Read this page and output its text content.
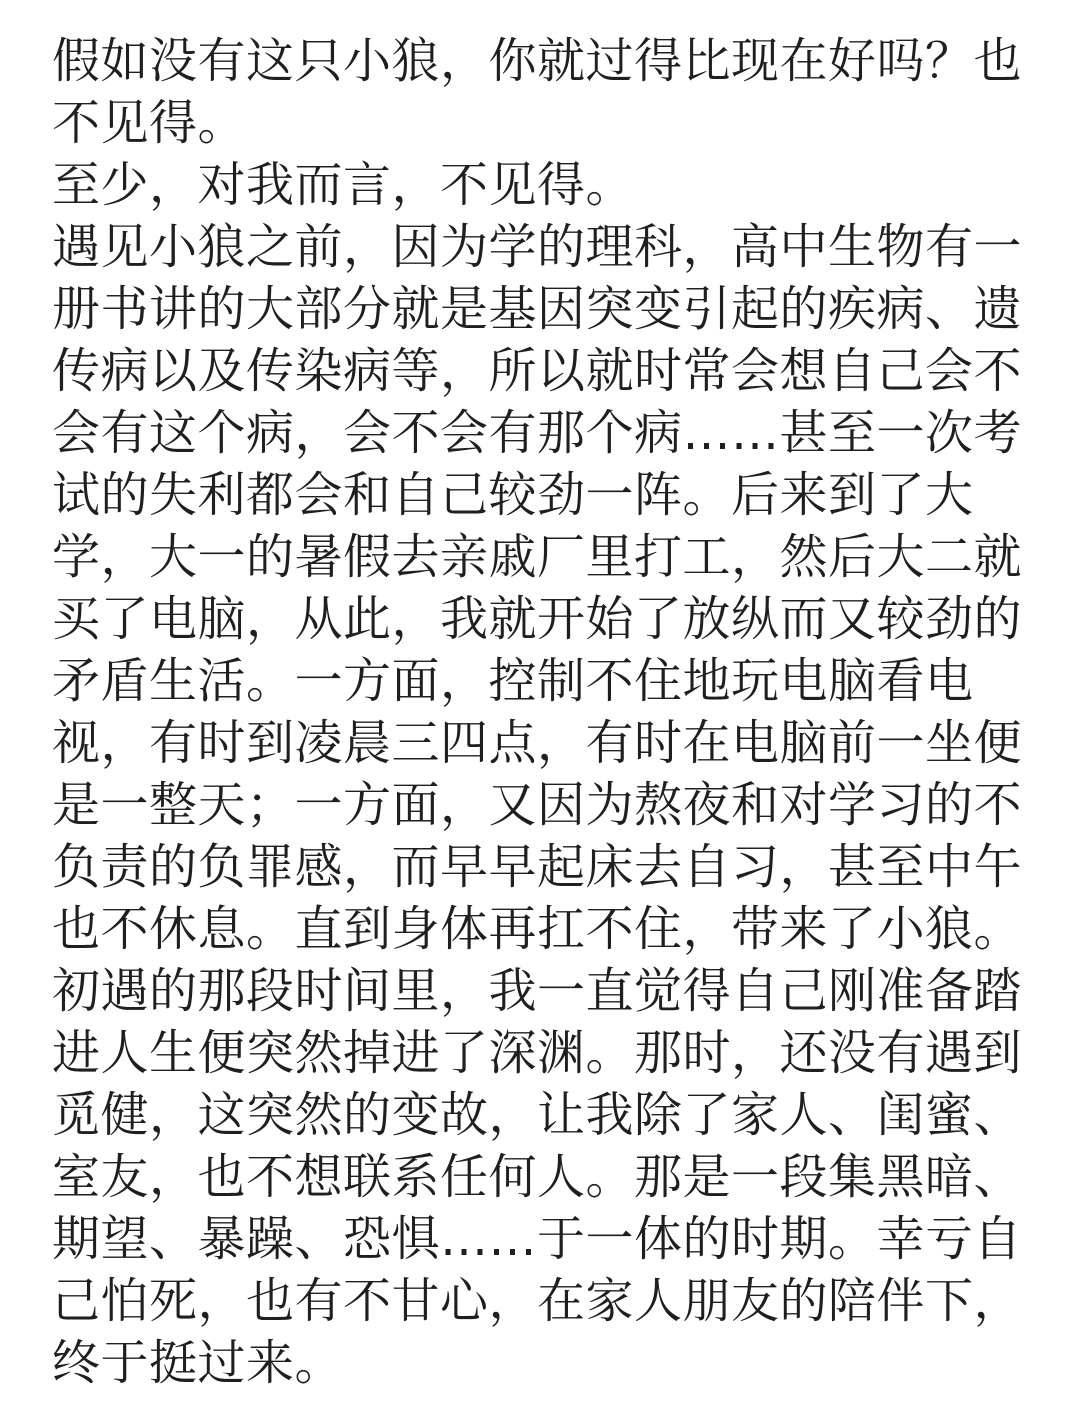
假如没有这只小狼，你就过得比现在好吗？也
不见得。
至少，对我而言，不见得。
遇见小狼之前，因为学的理科，高中生物有一
册书讲的大部分就是基因突变引起的疾病、遗
传病以及传染病等，所以就时常会想自己会不
会有这个病，会不会有那个病……甚至一次考
试的失利都会和自己较劲一阵。后来到了大
学，大一的暑假去亲戚厂里打工，然后大二就
买了电脑，从此，我就开始了放纵而又较劲的
矛盾生活。一方面，控制不住地玩电脑看电
视，有时到凌晨三四点，有时在电脑前一坐便
是一整天；一方面，又因为熬夜和对学习的不
负责的负罪感，而早早起床去自习，甚至中午
也不休息。直到身体再扛不住，带来了小狼。
初遇的那段时间里，我一直觉得自己刚准备踏
进人生便突然掉进了深渊。那时，还没有遇到
觅健，这突然的变故，让我除了家人、闺蜜、
室友，也不想联系任何人。那是一段集黑暗、
期望、暴躁、恐惧……于一体的时期。幸亏自
己怕死，也有不甘心，在家人朋友的陪伴下，
终于挺过来。
